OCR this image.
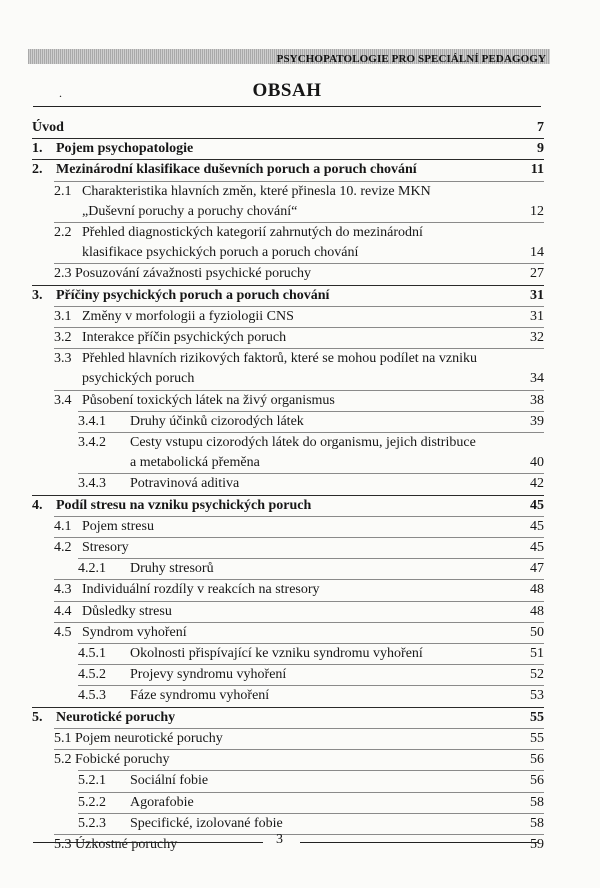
PSYCHOPATOLOGIE PRO SPECIÁLNÍ PEDAGOGY
OBSAH
.
Úvod	7
1. Pojem psychopatologie	9
2. Mezinárodní klasifikace duševních poruch a poruch chování	11
2.1 Charakteristika hlavních změn, které přinesla 10. revize MKN „Duševní poruchy a poruchy chování“	12
2.2 Přehled diagnostických kategorií zahrnutých do mezinárodní klasifikace psychických poruch a poruch chování	14
2.3 Posuzování závažnosti psychické poruchy	27
3. Příčiny psychických poruch a poruch chování	31
3.1 Změny v morfologii a fyziologii CNS	31
3.2 Interakce příčin psychických poruch	32
3.3 Přehled hlavních rizikových faktorů, které se mohou podílet na vzniku psychických poruch	34
3.4 Působení toxických látek na živý organismus	38
3.4.1	Druhy účinků cizorodých látek	39
3.4.2	Cesty vstupu cizorodých látek do organismu, jejich distribuce a metabolická přeměna	40
3.4.3	Potravinová aditiva	42
4. Podíl stresu na vzniku psychických poruch	45
4.1 Pojem stresu	45
4.2 Stresory	45
4.2.1	Druhy stresorů	47
4.3 Individuální rozdíly v reakcích na stresory	48
4.4 Důsledky stresu	48
4.5 Syndrom vyhoření	50
4.5.1	Okolnosti přispívající ke vzniku syndromu vyhoření	51
4.5.2	Projevy syndromu vyhoření	52
4.5.3	Fáze syndromu vyhoření	53
5. Neurotické poruchy	55
5.1 Pojem neurotické poruchy	55
5.2 Fobické poruchy	56
5.2.1	Sociální fobie	56
5.2.2	Agorafobie	58
5.2.3	Specifické, izolované fobie	58
5.3 Úzkostné poruchy	59
3
